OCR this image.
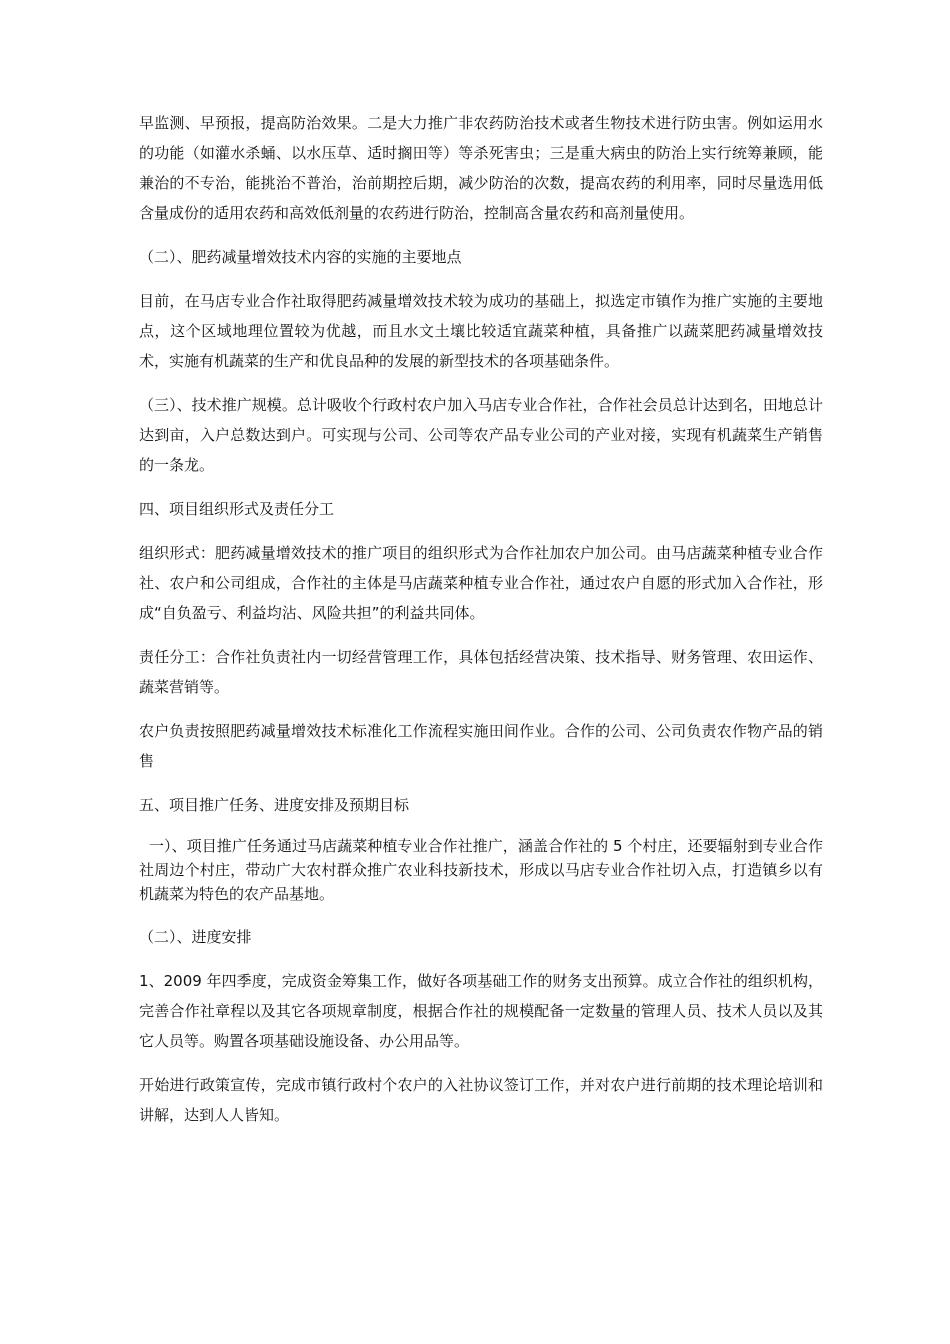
早监测、早预报，提高防治效果。二是大力推广非农药防治技术或者生物技术进行防虫害。例如运用水的功能（如灌水杀蛹、以水压草、适时搁田等）等杀死害虫；三是重大病虫的防治上实行统筹兼顾，能兼治的不专治，能挑治不普治，治前期控后期，减少防治的次数，提高农药的利用率，同时尽量选用低含量成份的适用农药和高效低剂量的农药进行防治，控制高含量农药和高剂量使用。

（二）、肥药减量增效技术内容的实施的主要地点

目前，在马店专业合作社取得肥药减量增效技术较为成功的基础上，拟选定市镇作为推广实施的主要地点，这个区域地理位置较为优越，而且水文土壤比较适宜蔬菜种植，具备推广以蔬菜肥药减量增效技术，实施有机蔬菜的生产和优良品种的发展的新型技术的各项基础条件。

（三）、技术推广规模。总计吸收个行政村农户加入马店专业合作社，合作社会员总计达到名，田地总计达到亩，入户总数达到户。可实现与公司、公司等农产品专业公司的产业对接，实现有机蔬菜生产销售的一条龙。

四、项目组织形式及责任分工

组织形式：肥药减量增效技术的推广项目的组织形式为合作社加农户加公司。由马店蔬菜种植专业合作社、农户和公司组成，合作社的主体是马店蔬菜种植专业合作社，通过农户自愿的形式加入合作社，形成“自负盈亏、利益均沾、风险共担”的利益共同体。

责任分工：合作社负责社内一切经营管理工作，具体包括经营决策、技术指导、财务管理、农田运作、蔬菜营销等。

农户负责按照肥药减量增效技术标准化工作流程实施田间作业。合作的公司、公司负责农作物产品的销售

五、项目推广任务、进度安排及预期目标

一）、项目推广任务通过马店蔬菜种植专业合作社推广，涵盖合作社的 5 个村庄，还要辐射到专业合作社周边个村庄，带动广大农村群众推广农业科技新技术，形成以马店专业合作社切入点，打造镇乡以有机蔬菜为特色的农产品基地。

（二）、进度安排

1、2009 年四季度，完成资金筹集工作，做好各项基础工作的财务支出预算。成立合作社的组织机构，完善合作社章程以及其它各项规章制度，根据合作社的规模配备一定数量的管理人员、技术人员以及其它人员等。购置各项基础设施设备、办公用品等。

开始进行政策宣传，完成市镇行政村个农户的入社协议签订工作，并对农户进行前期的技术理论培训和讲解，达到人人皆知。
